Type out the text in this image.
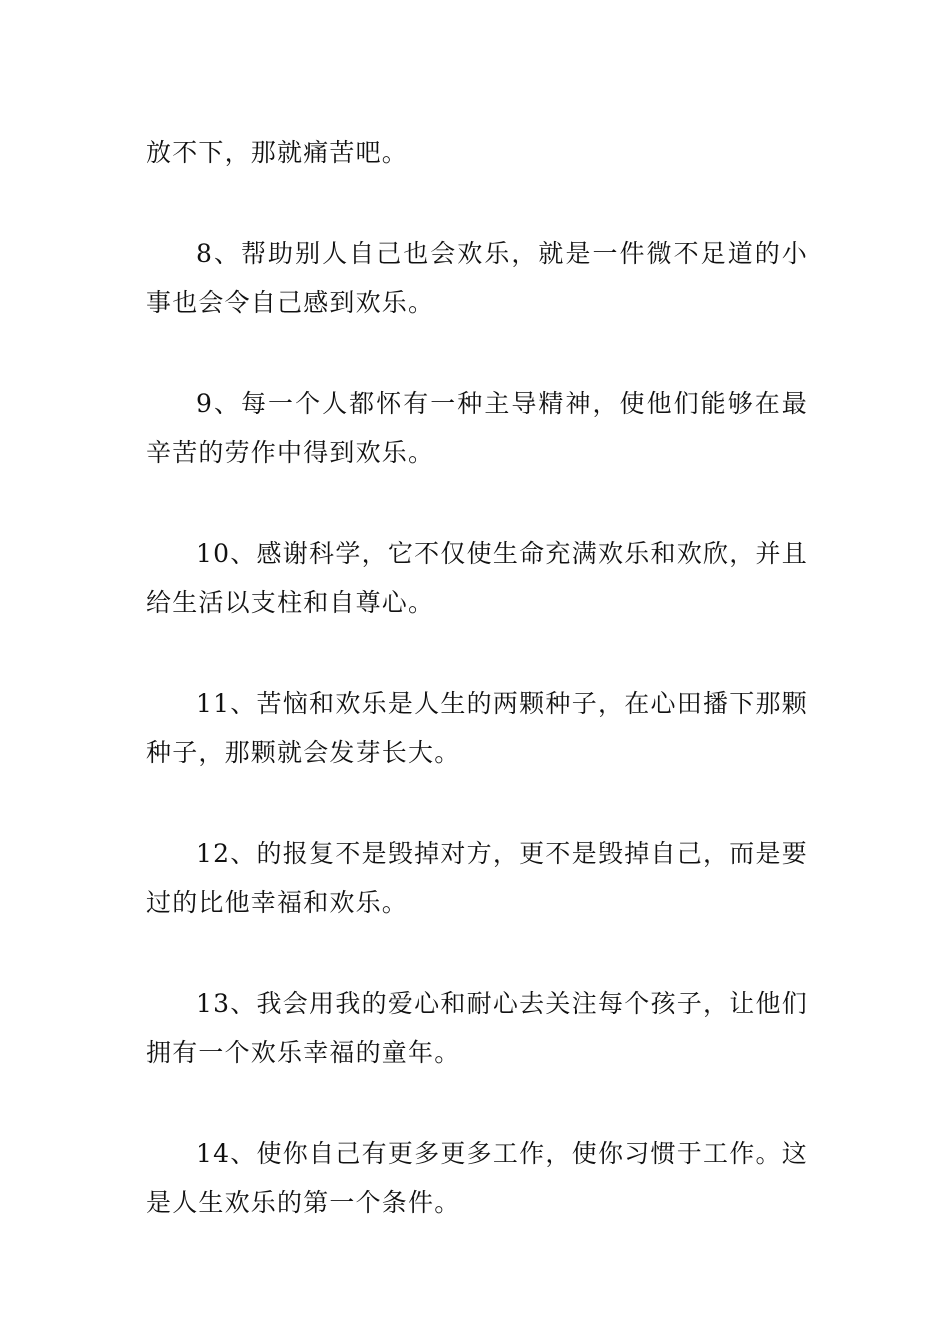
放不下，那就痛苦吧。

8、帮助别人自己也会欢乐，就是一件微不足道的小事也会令自己感到欢乐。

9、每一个人都怀有一种主导精神，使他们能够在最辛苦的劳作中得到欢乐。

10、感谢科学，它不仅使生命充满欢乐和欢欣，并且给生活以支柱和自尊心。

11、苦恼和欢乐是人生的两颗种子，在心田播下那颗种子，那颗就会发芽长大。

12、的报复不是毁掉对方，更不是毁掉自己，而是要过的比他幸福和欢乐。

13、我会用我的爱心和耐心去关注每个孩子，让他们拥有一个欢乐幸福的童年。

14、使你自己有更多更多工作，使你习惯于工作。这是人生欢乐的第一个条件。
